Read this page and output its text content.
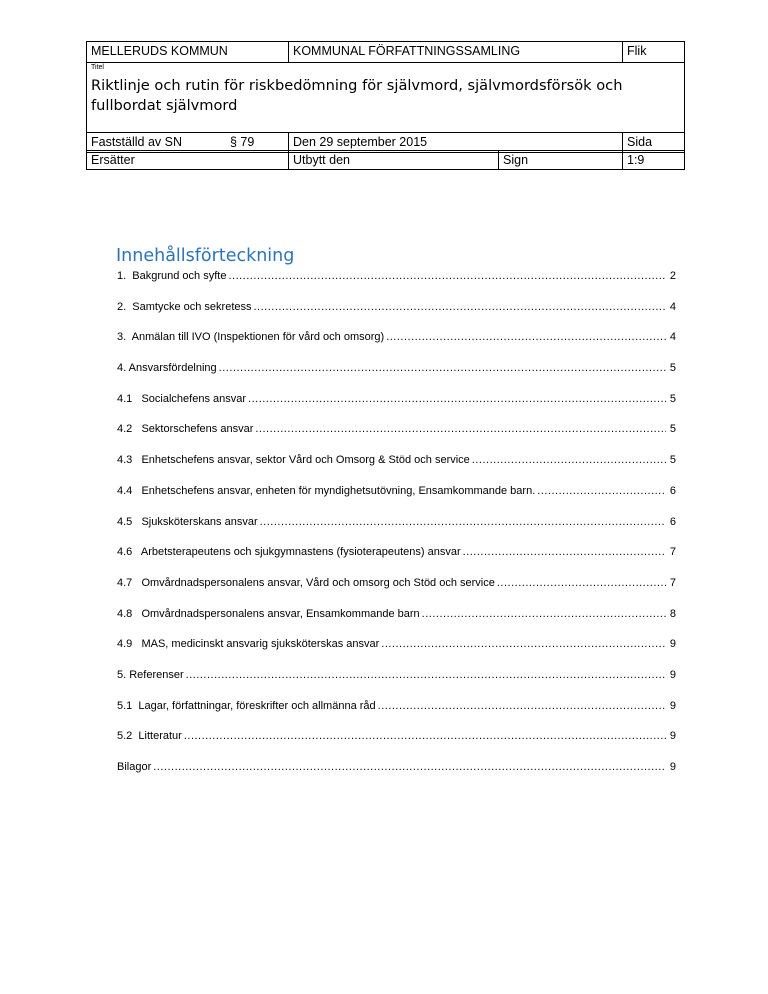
MELLERUDS KOMMUN	KOMMUNAL FÖRFATTNINGSSAMLING	Flik
Titel
Riktlinje och rutin för riskbedömning för självmord, självmordsförsök och fullbordat självmord
Fastställd av SN	§ 79	Den 29 september 2015	Sida
Ersätter	Utbytt den	Sign	1:9
Innehållsförteckning
1.  Bakgrund och syfte .....	2
2.  Samtycke och sekretess .....	4
3.  Anmälan till IVO (Inspektionen för vård och omsorg) .....	4
4. Ansvarsfördelning .....	5
4.1   Socialchefens ansvar .....	5
4.2   Sektorschefens ansvar .....	5
4.3   Enhetschefens ansvar, sektor Vård och Omsorg & Stöd och service .....	5
4.4   Enhetschefens ansvar, enheten för myndighetsutövning, Ensamkommande barn. .....	6
4.5   Sjuksköterskans ansvar .....	6
4.6   Arbetsterapeutens och sjukgymnastens (fysioterapeutens) ansvar .....	7
4.7   Omvårdnadspersonalens ansvar, Vård och omsorg och Stöd och service .....	7
4.8   Omvårdnadspersonalens ansvar, Ensamkommande barn .....	8
4.9   MAS, medicinskt ansvarig sjuksköterskas ansvar .....	9
5. Referenser .....	9
5.1  Lagar, författningar, föreskrifter och allmänna råd .....	9
5.2  Litteratur .....	9
Bilagor .....	9
